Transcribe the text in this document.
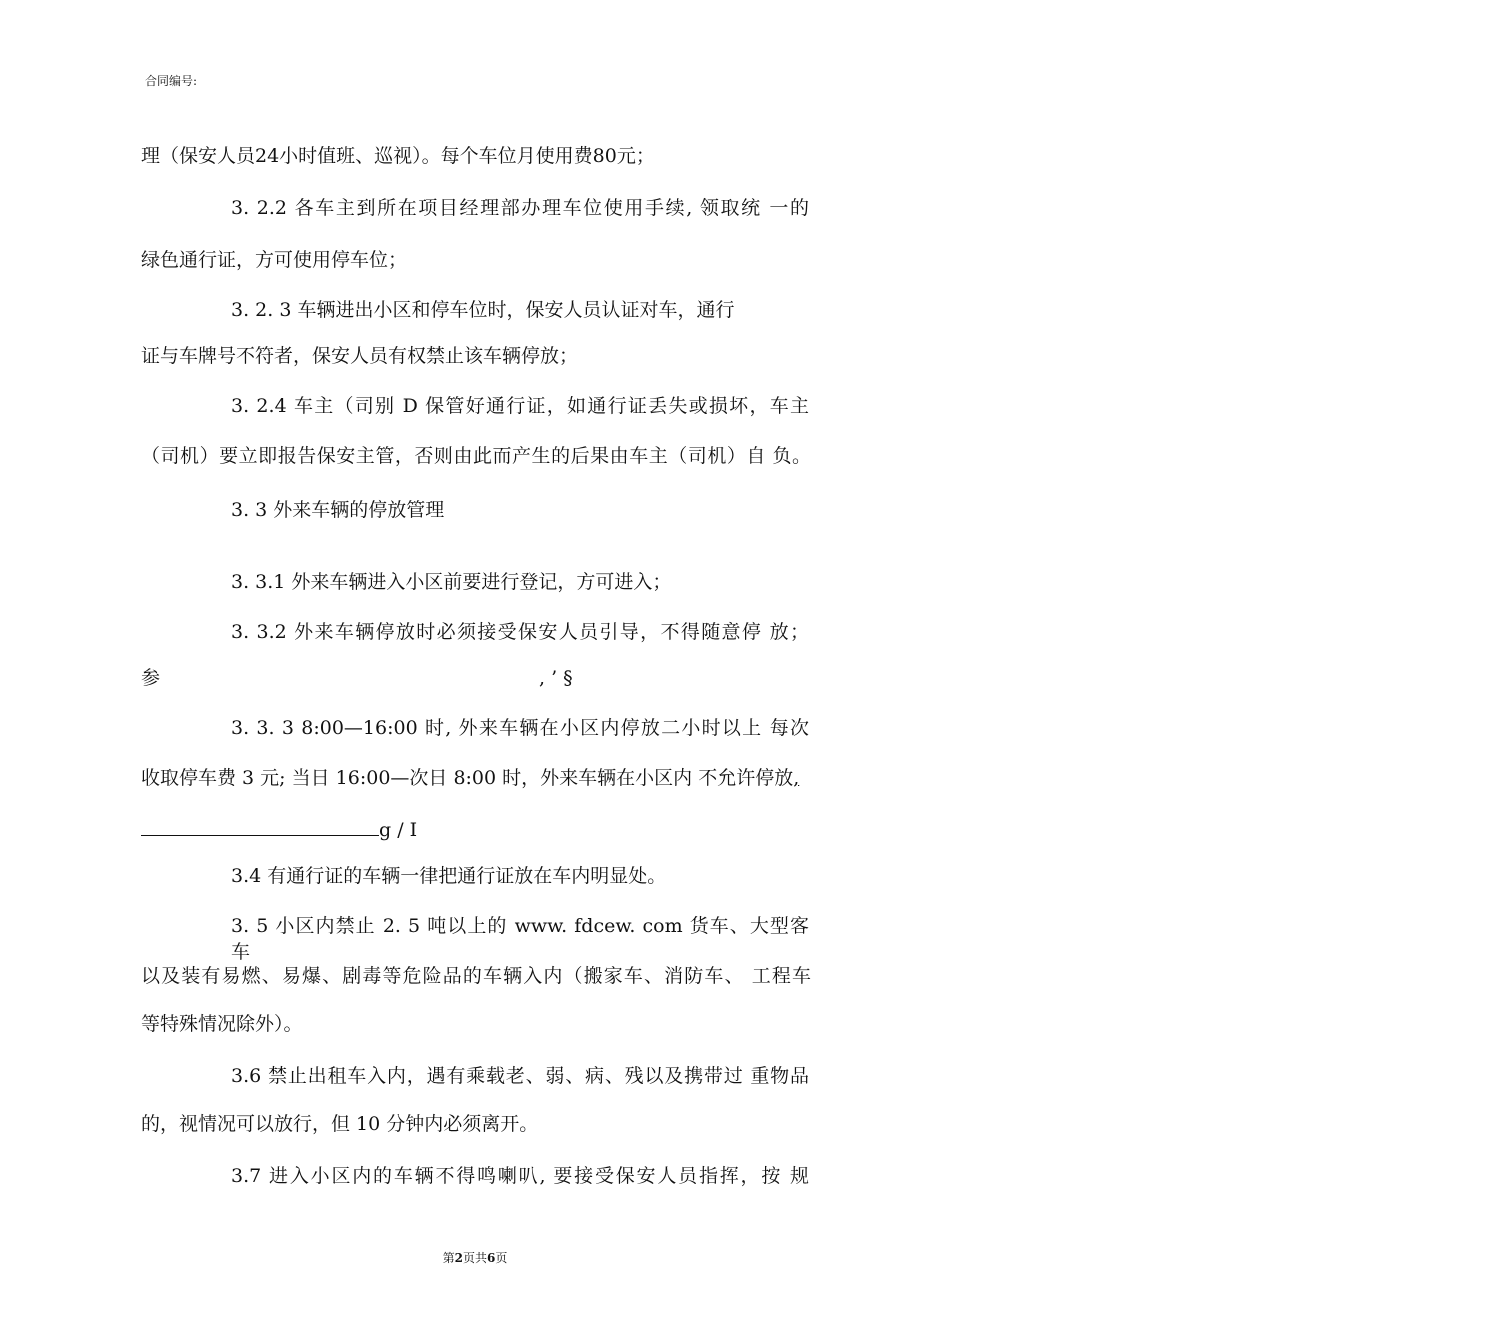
合同编号:
理（保安人员24小时值班、巡视）。每个车位月使用费80元；
3. 2.2 各车主到所在项目经理部办理车位使用手续, 领取统 一的
绿色通行证，方可使用停车位；
3. 2. 3 车辆进出小区和停车位时，保安人员认证对车，通行
证与车牌号不符者，保安人员有权禁止该车辆停放；
3. 2.4 车主（司别 D 保管好通行证，如通行证丢失或损坏，车主
（司机）要立即报告保安主管，否则由此而产生的后果由车主（司机）自 负。
3. 3 外来车辆的停放管理
3. 3.1 外来车辆进入小区前要进行登记，方可进入；
3. 3.2 外来车辆停放时必须接受保安人员引导，不得随意停 放；
参	, ’ §
3. 3. 3 8:00—16:00 时, 外来车辆在小区内停放二小时以上 每次
收取停车费 3 元; 当日 16:00—次日 8:00 时，外来车辆在小区内 不允许停放,
g / I
3.4 有通行证的车辆一律把通行证放在车内明显处。
3. 5 小区内禁止 2. 5 吨以上的 www. fdcew. com 货车、大型客 车
以及装有易燃、易爆、剧毒等危险品的车辆入内（搬家车、消防车、 工程车
等特殊情况除外）。
3.6 禁止出租车入内，遇有乘载老、弱、病、残以及携带过 重物品
的，视情况可以放行，但 10 分钟内必须离开。
3.7 进入小区内的车辆不得鸣喇叭, 要接受保安人员指挥，按 规
第2页共6页
